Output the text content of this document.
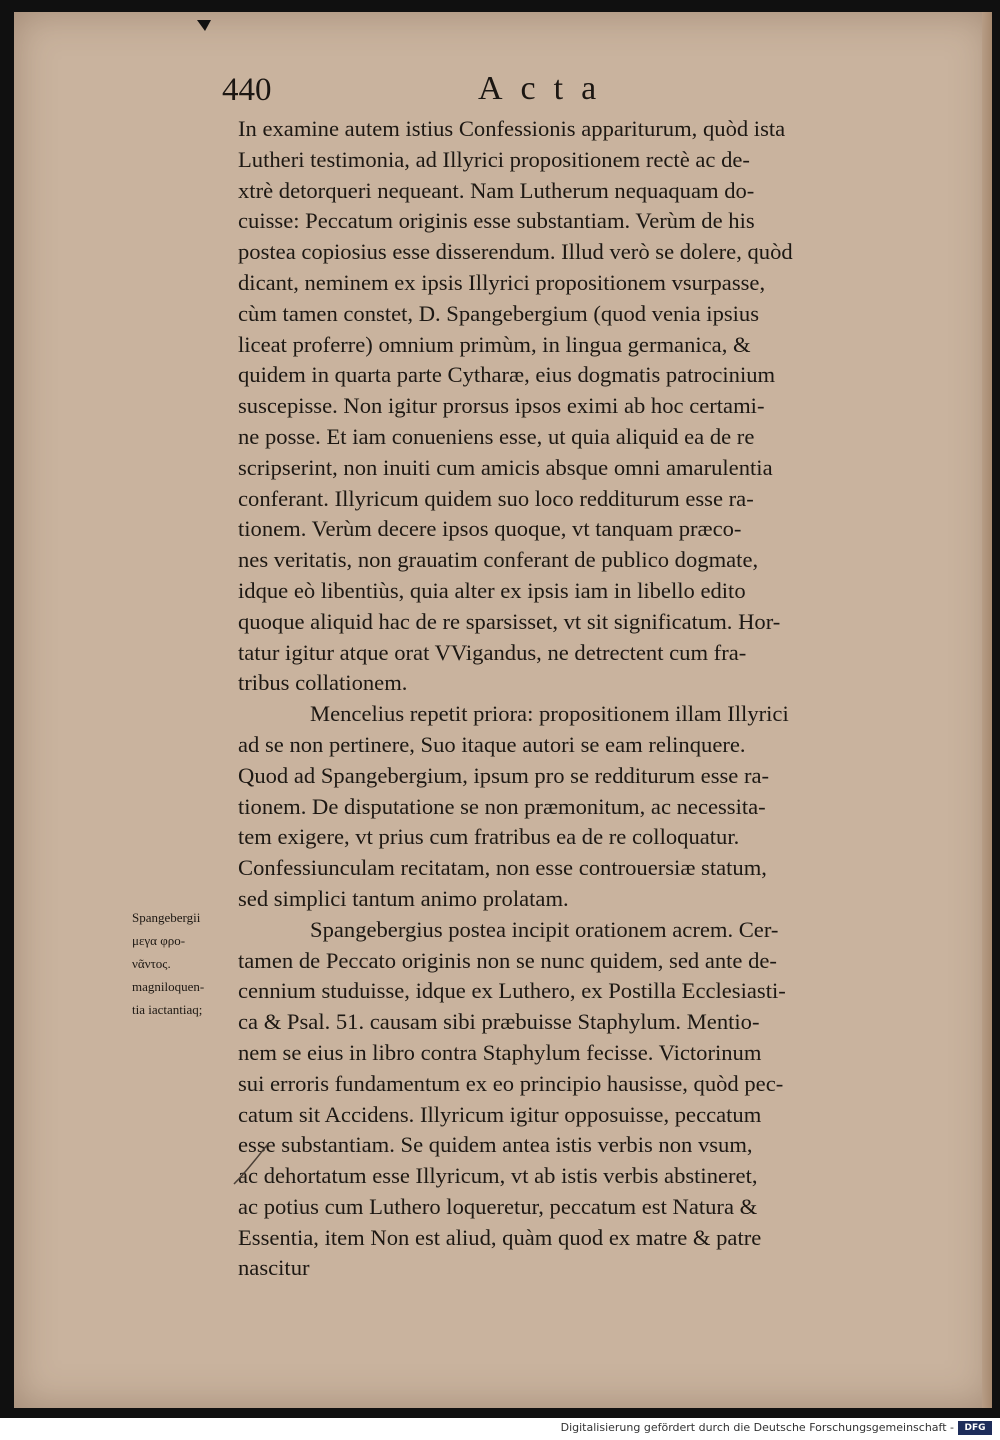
440	Acta

In examine autem istius Confessionis appariturum, quòd ista

Lutheri testimonia, ad Illyrici propositionem rectè ac de-

xtrè detorqueri nequeant. Nam Lutherum nequaquam do-

cuisse: Peccatum originis esse substantiam. Verùm de his

postea copiosius esse disserendum. Illud verò se dolere, quòd

dicant, neminem ex ipsis Illyrici propositionem vsurpasse,

cùm tamen constet, D. Spangebergium (quod venia ipsius

liceat proferre) omnium primùm, in lingua germanica, &

quidem in quarta parte Cytharæ, eius dogmatis patrocinium

suscepisse. Non igitur prorsus ipsos eximi ab hoc certami-

ne posse. Et iam conueniens esse, ut quia aliquid ea de re

scripserint, non inuiti cum amicis absque omni amarulentia

conferant. Illyricum quidem suo loco redditurum esse ra-

tionem. Verùm decere ipsos quoque, vt tanquam præco-

nes veritatis, non grauatim conferant de publico dogmate,

idque eò libentiùs, quia alter ex ipsis iam in libello edito

quoque aliquid hac de re sparsisset, vt sit significatum. Hor-

tatur igitur atque orat VVigandus, ne detrectent cum fra-

tribus collationem.

Mencelius repetit priora: propositionem illam Illyrici

ad se non pertinere, Suo itaque autori se eam relinquere.

Quod ad Spangebergium, ipsum pro se redditurum esse ra-

tionem. De disputatione se non præmonitum, ac necessita-

tem exigere, vt prius cum fratribus ea de re colloquatur.

Confessiunculam recitatam, non esse controuersiæ statum,

sed simplici tantum animo prolatam.

Spangebergius postea incipit orationem acrem. Cer-

tamen de Peccato originis non se nunc quidem, sed ante de-

cennium studuisse, idque ex Luthero, ex Postilla Ecclesiasti-

ca & Psal. 51. causam sibi præbuisse Staphylum. Mentio-

nem se eius in libro contra Staphylum fecisse. Victorinum

sui erroris fundamentum ex eo principio hausisse, quòd pec-

catum sit Accidens. Illyricum igitur opposuisse, peccatum

esse substantiam. Se quidem antea istis verbis non vsum,

ac dehortatum esse Illyricum, vt ab istis verbis abstineret,

ac potius cum Luthero loqueretur, peccatum est Natura &

Essentia, item Non est aliud, quàm quod ex matre & patre

nascitur

Spangebergii
μεγα φρο-
νᾶντος.
magniloquen-
tia iactantiaq;
Digitalisierung gefördert durch die Deutsche Forschungsgemeinschaft -	DFG
